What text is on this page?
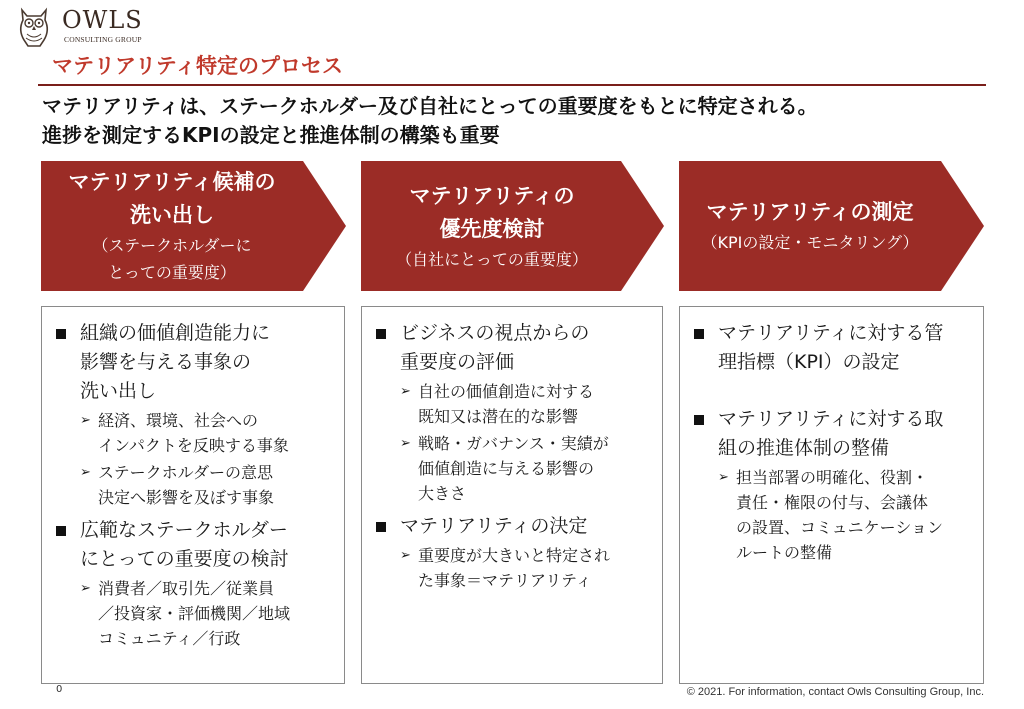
OWLS
CONSULTING GROUP
マテリアリティ特定のプロセス
マテリアリティは、ステークホルダー及び自社にとっての重要度をもとに特定される。
進捗を測定するKPIの設定と推進体制の構築も重要
マテリアリティ候補の
洗い出し
（ステークホルダーに
とっての重要度）
マテリアリティの
優先度検討
（自社にとっての重要度）
マテリアリティの測定
（KPIの設定・モニタリング）
組織の価値創造能力に
影響を与える事象の
洗い出し
➢ 経済、環境、社会への
インパクトを反映する事象
➢ ステークホルダーの意思
決定へ影響を及ぼす事象
広範なステークホルダー
にとっての重要度の検討
➢ 消費者／取引先／従業員
／投資家・評価機関／地域
コミュニティ／行政
ビジネスの視点からの
重要度の評価
➢ 自社の価値創造に対する
既知又は潜在的な影響
➢ 戦略・ガバナンス・実績が
価値創造に与える影響の
大きさ
マテリアリティの決定
➢ 重要度が大きいと特定され
た事象＝マテリアリティ
マテリアリティに対する管
理指標（KPI）の設定
マテリアリティに対する取
組の推進体制の整備
➢ 担当部署の明確化、役割・
責任・権限の付与、会議体
の設置、コミュニケーション
ルートの整備
0	© 2021. For information, contact Owls Consulting Group, Inc.
